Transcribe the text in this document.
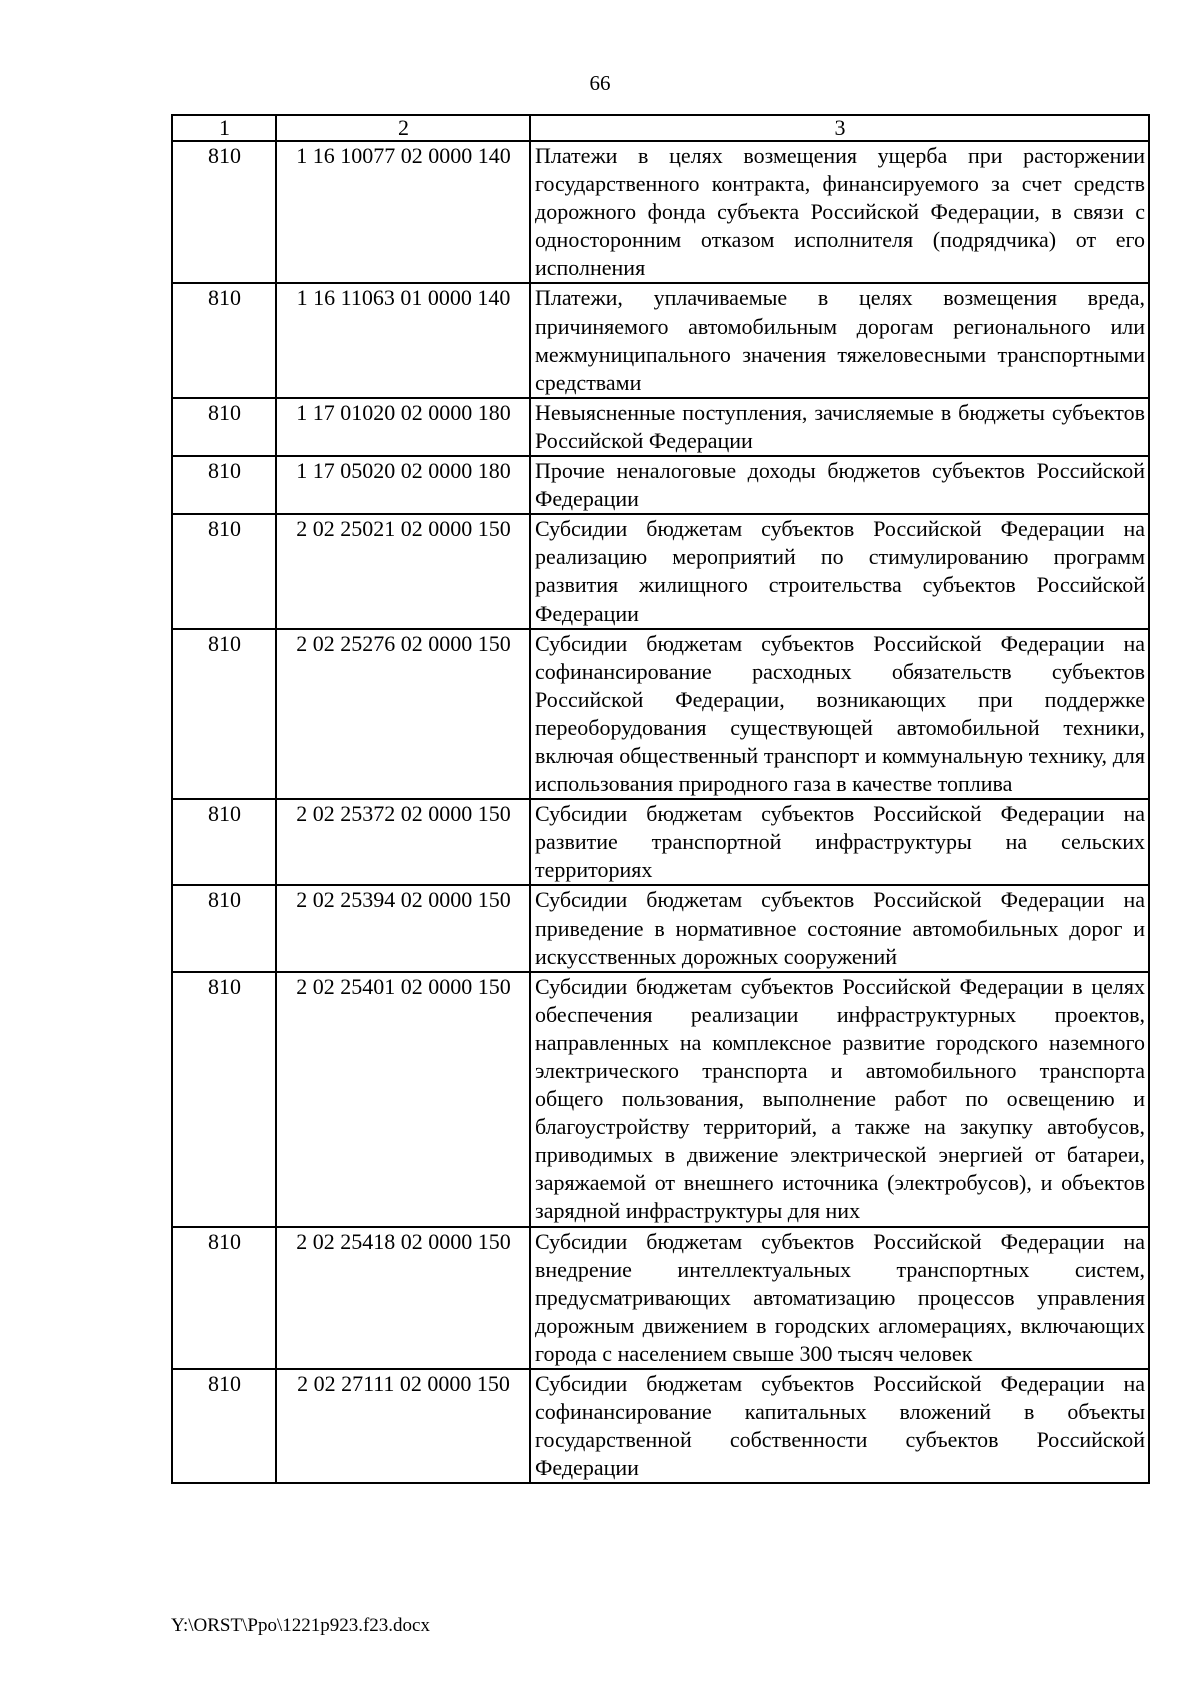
66
1	2	3
810	1 16 10077 02 0000 140	Платежи в целях возмещения ущерба при расторжении государственного контракта, финансируемого за счет средств дорожного фонда субъекта Российской Федерации, в связи с односторонним отказом исполнителя (подрядчика) от его исполнения
810	1 16 11063 01 0000 140	Платежи, уплачиваемые в целях возмещения вреда, причиняемого автомобильным дорогам регионального или межмуниципального значения тяжеловесными транспортными средствами
810	1 17 01020 02 0000 180	Невыясненные поступления, зачисляемые в бюджеты субъектов Российской Федерации
810	1 17 05020 02 0000 180	Прочие неналоговые доходы бюджетов субъектов Российской Федерации
810	2 02 25021 02 0000 150	Субсидии бюджетам субъектов Российской Федерации на реализацию мероприятий по стимулированию программ развития жилищного строительства субъектов Российской Федерации
810	2 02 25276 02 0000 150	Субсидии бюджетам субъектов Российской Федерации на софинансирование расходных обязательств субъектов Российской Федерации, возникающих при поддержке переоборудования существующей автомобильной техники, включая общественный транспорт и коммунальную технику, для использования природного газа в качестве топлива
810	2 02 25372 02 0000 150	Субсидии бюджетам субъектов Российской Федерации на развитие транспортной инфраструктуры на сельских территориях
810	2 02 25394 02 0000 150	Субсидии бюджетам субъектов Российской Федерации на приведение в нормативное состояние автомобильных дорог и искусственных дорожных сооружений
810	2 02 25401 02 0000 150	Субсидии бюджетам субъектов Российской Федерации в целях обеспечения реализации инфраструктурных проектов, направленных на комплексное развитие городского наземного электрического транспорта и автомобильного транспорта общего пользования, выполнение работ по освещению и благоустройству территорий, а также на закупку автобусов, приводимых в движение электрической энергией от батареи, заряжаемой от внешнего источника (электробусов), и объектов зарядной инфраструктуры для них
810	2 02 25418 02 0000 150	Субсидии бюджетам субъектов Российской Федерации на внедрение интеллектуальных транспортных систем, предусматривающих автоматизацию процессов управления дорожным движением в городских агломерациях, включающих города с населением свыше 300 тысяч человек
810	2 02 27111 02 0000 150	Субсидии бюджетам субъектов Российской Федерации на софинансирование капитальных вложений в объекты государственной собственности субъектов Российской Федерации
Y:\ORST\Ppo\1221p923.f23.docx
